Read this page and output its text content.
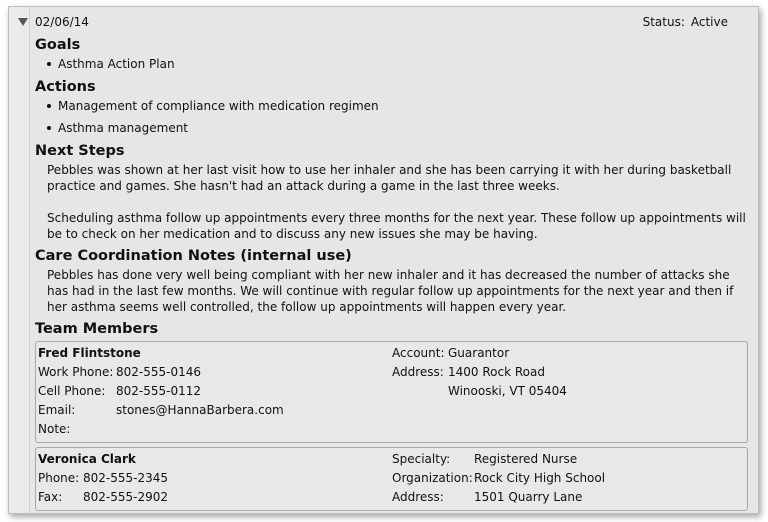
02/06/14	Status: Active
Goals
Asthma Action Plan
Actions
Management of compliance with medication regimen
Asthma management
Next Steps
Pebbles was shown at her last visit how to use her inhaler and she has been carrying it with her during basketball practice and games. She hasn't had an attack during a game in the last three weeks.
Scheduling asthma follow up appointments every three months for the next year. These follow up appointments will be to check on her medication and to discuss any new issues she may be having.
Care Coordination Notes (internal use)
Pebbles has done very well being compliant with her new inhaler and it has decreased the number of attacks she has had in the last few months. We will continue with regular follow up appointments for the next year and then if her asthma seems well controlled, the follow up appointments will happen every year.
Team Members
Fred Flintstone
Work Phone: 802-555-0146
Cell Phone: 802-555-0112
Email:	stones@HannaBarbera.com
Note:
Account: Guarantor
Address: 1400 Rock Road
Winooski, VT 05404
Veronica Clark
Phone: 802-555-2345
Fax:	802-555-2902
Specialty:	Registered Nurse
Organization: Rock City High School
Address:	1501 Quarry Lane
